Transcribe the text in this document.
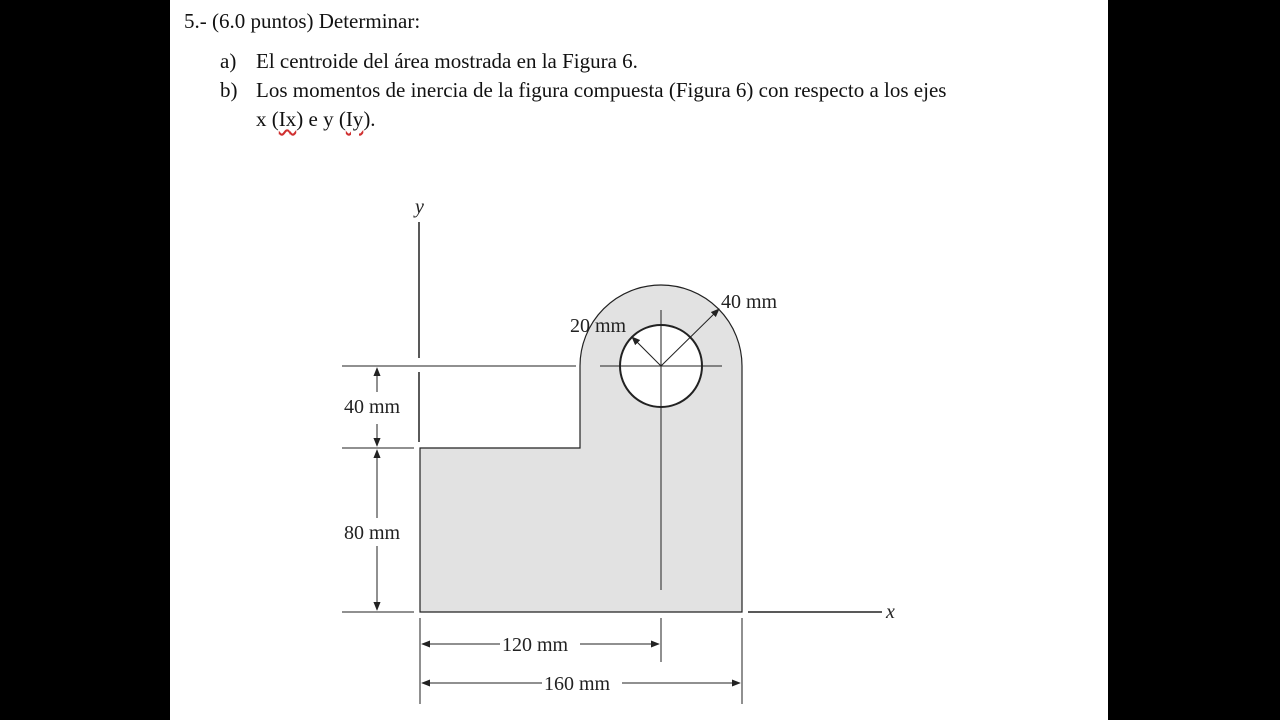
5.- (6.0 puntos) Determinar:
a) El centroide del área mostrada en la Figura 6.
b) Los momentos de inercia de la figura compuesta (Figura 6) con respecto a los ejes
x (Ix) e y (Iy).
40 mm
80 mm
120 mm
160 mm
20 mm
40 mm
y
x
